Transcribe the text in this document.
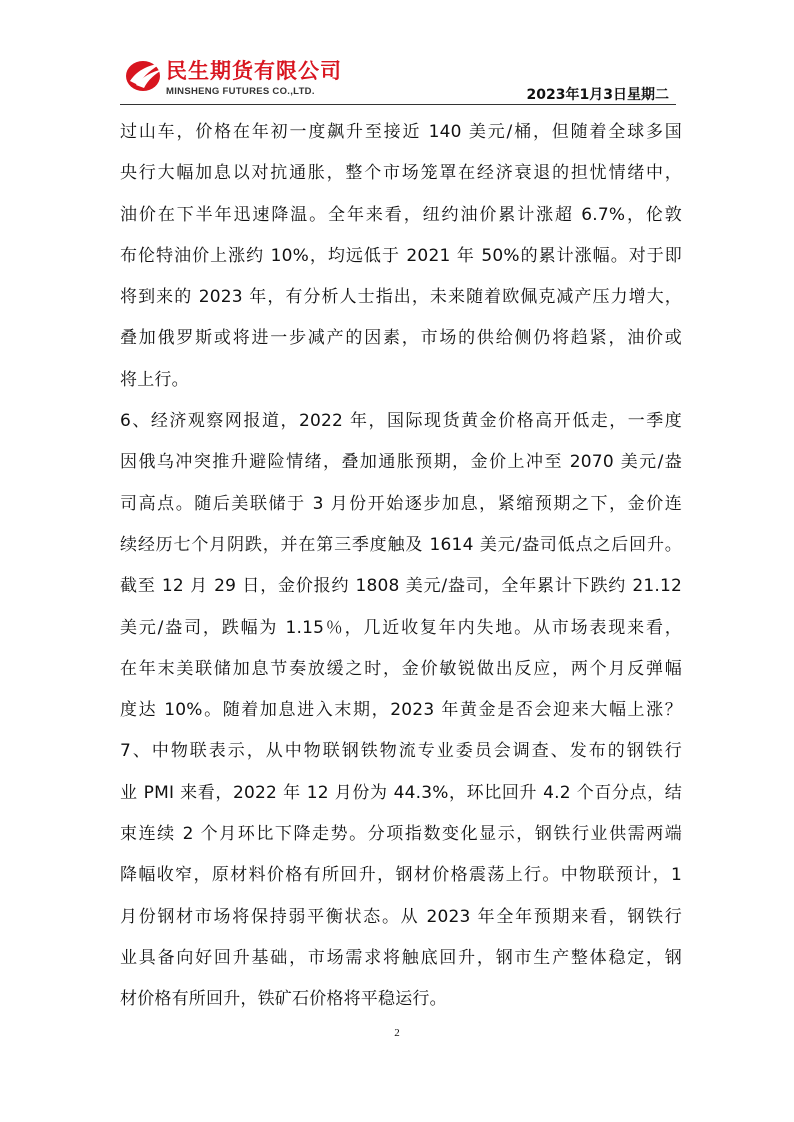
民生期货有限公司
MINSHENG FUTURES CO.,LTD.	2023年1月3日星期二
过山车，价格在年初一度飙升至接近 140 美元/桶，但随着全球多国
央行大幅加息以对抗通胀，整个市场笼罩在经济衰退的担忧情绪中，
油价在下半年迅速降温。全年来看，纽约油价累计涨超 6.7%，伦敦
布伦特油价上涨约 10%，均远低于 2021 年 50%的累计涨幅。对于即
将到来的 2023 年，有分析人士指出，未来随着欧佩克减产压力增大，
叠加俄罗斯或将进一步减产的因素，市场的供给侧仍将趋紧，油价或
将上行。
6、经济观察网报道，2022 年，国际现货黄金价格高开低走，一季度
因俄乌冲突推升避险情绪，叠加通胀预期，金价上冲至 2070 美元/盎
司高点。随后美联储于 3 月份开始逐步加息，紧缩预期之下，金价连
续经历七个月阴跌，并在第三季度触及 1614 美元/盎司低点之后回升。
截至 12 月 29 日，金价报约 1808 美元/盎司，全年累计下跌约 21.12
美元/盎司，跌幅为 1.15％，几近收复年内失地。从市场表现来看，
在年末美联储加息节奏放缓之时，金价敏锐做出反应，两个月反弹幅
度达 10%。随着加息进入末期，2023 年黄金是否会迎来大幅上涨？
7、中物联表示，从中物联钢铁物流专业委员会调查、发布的钢铁行
业 PMI 来看，2022 年 12 月份为 44.3%，环比回升 4.2 个百分点，结
束连续 2 个月环比下降走势。分项指数变化显示，钢铁行业供需两端
降幅收窄，原材料价格有所回升，钢材价格震荡上行。中物联预计，1
月份钢材市场将保持弱平衡状态。从 2023 年全年预期来看，钢铁行
业具备向好回升基础，市场需求将触底回升，钢市生产整体稳定，钢
材价格有所回升，铁矿石价格将平稳运行。
2
